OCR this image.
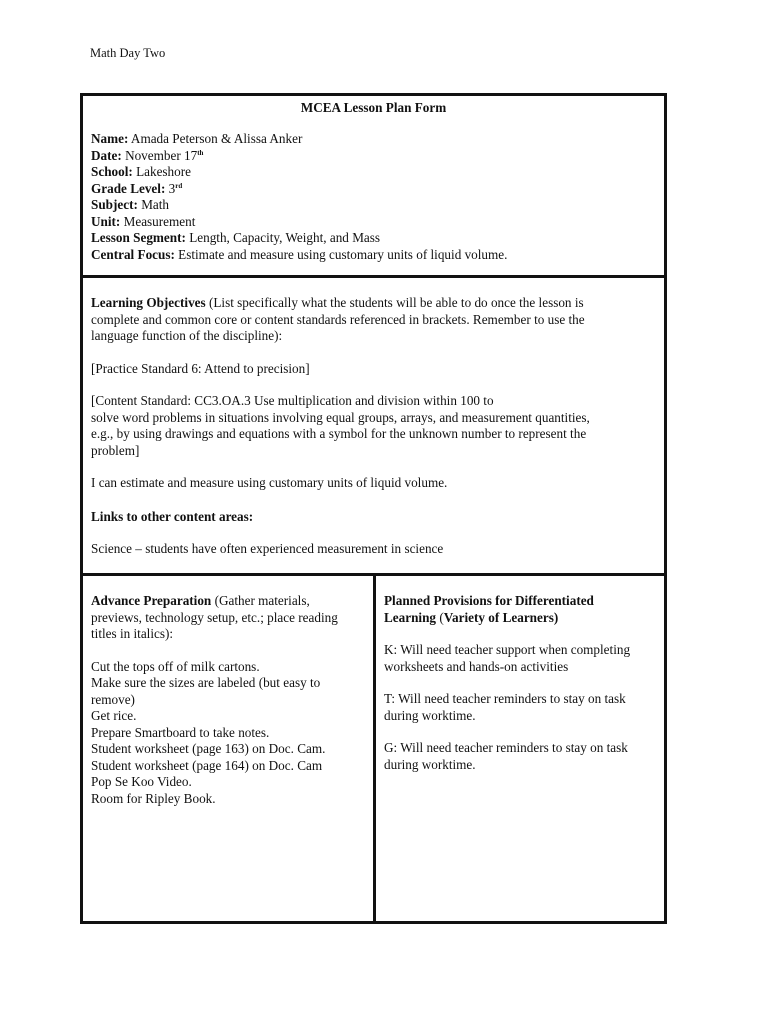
Math Day Two
MCEA Lesson Plan Form
Name: Amada Peterson & Alissa Anker
Date: November 17th
School: Lakeshore
Grade Level: 3rd
Subject: Math
Unit: Measurement
Lesson Segment: Length, Capacity, Weight, and Mass
Central Focus: Estimate and measure using customary units of liquid volume.

Learning Objectives (List specifically what the students will be able to do once the lesson is
complete and common core or content standards referenced in brackets. Remember to use the
language function of the discipline):

[Practice Standard 6: Attend to precision]

[Content Standard: CC3.OA.3 Use multiplication and division within 100 to
solve word problems in situations involving equal groups, arrays, and measurement quantities,
e.g., by using drawings and equations with a symbol for the unknown number to represent the
problem]

I can estimate and measure using customary units of liquid volume.

Links to other content areas:

Science – students have often experienced measurement in science

Advance Preparation (Gather materials,
previews, technology setup, etc.; place reading
titles in italics):

Cut the tops off of milk cartons.
Make sure the sizes are labeled (but easy to
remove)
Get rice.
Prepare Smartboard to take notes.
Student worksheet (page 163) on Doc. Cam.
Student worksheet (page 164) on Doc. Cam
Pop Se Koo Video.
Room for Ripley Book.

Planned Provisions for Differentiated
Learning (Variety of Learners)

K: Will need teacher support when completing
worksheets and hands-on activities

T: Will need teacher reminders to stay on task
during worktime.

G: Will need teacher reminders to stay on task
during worktime.
